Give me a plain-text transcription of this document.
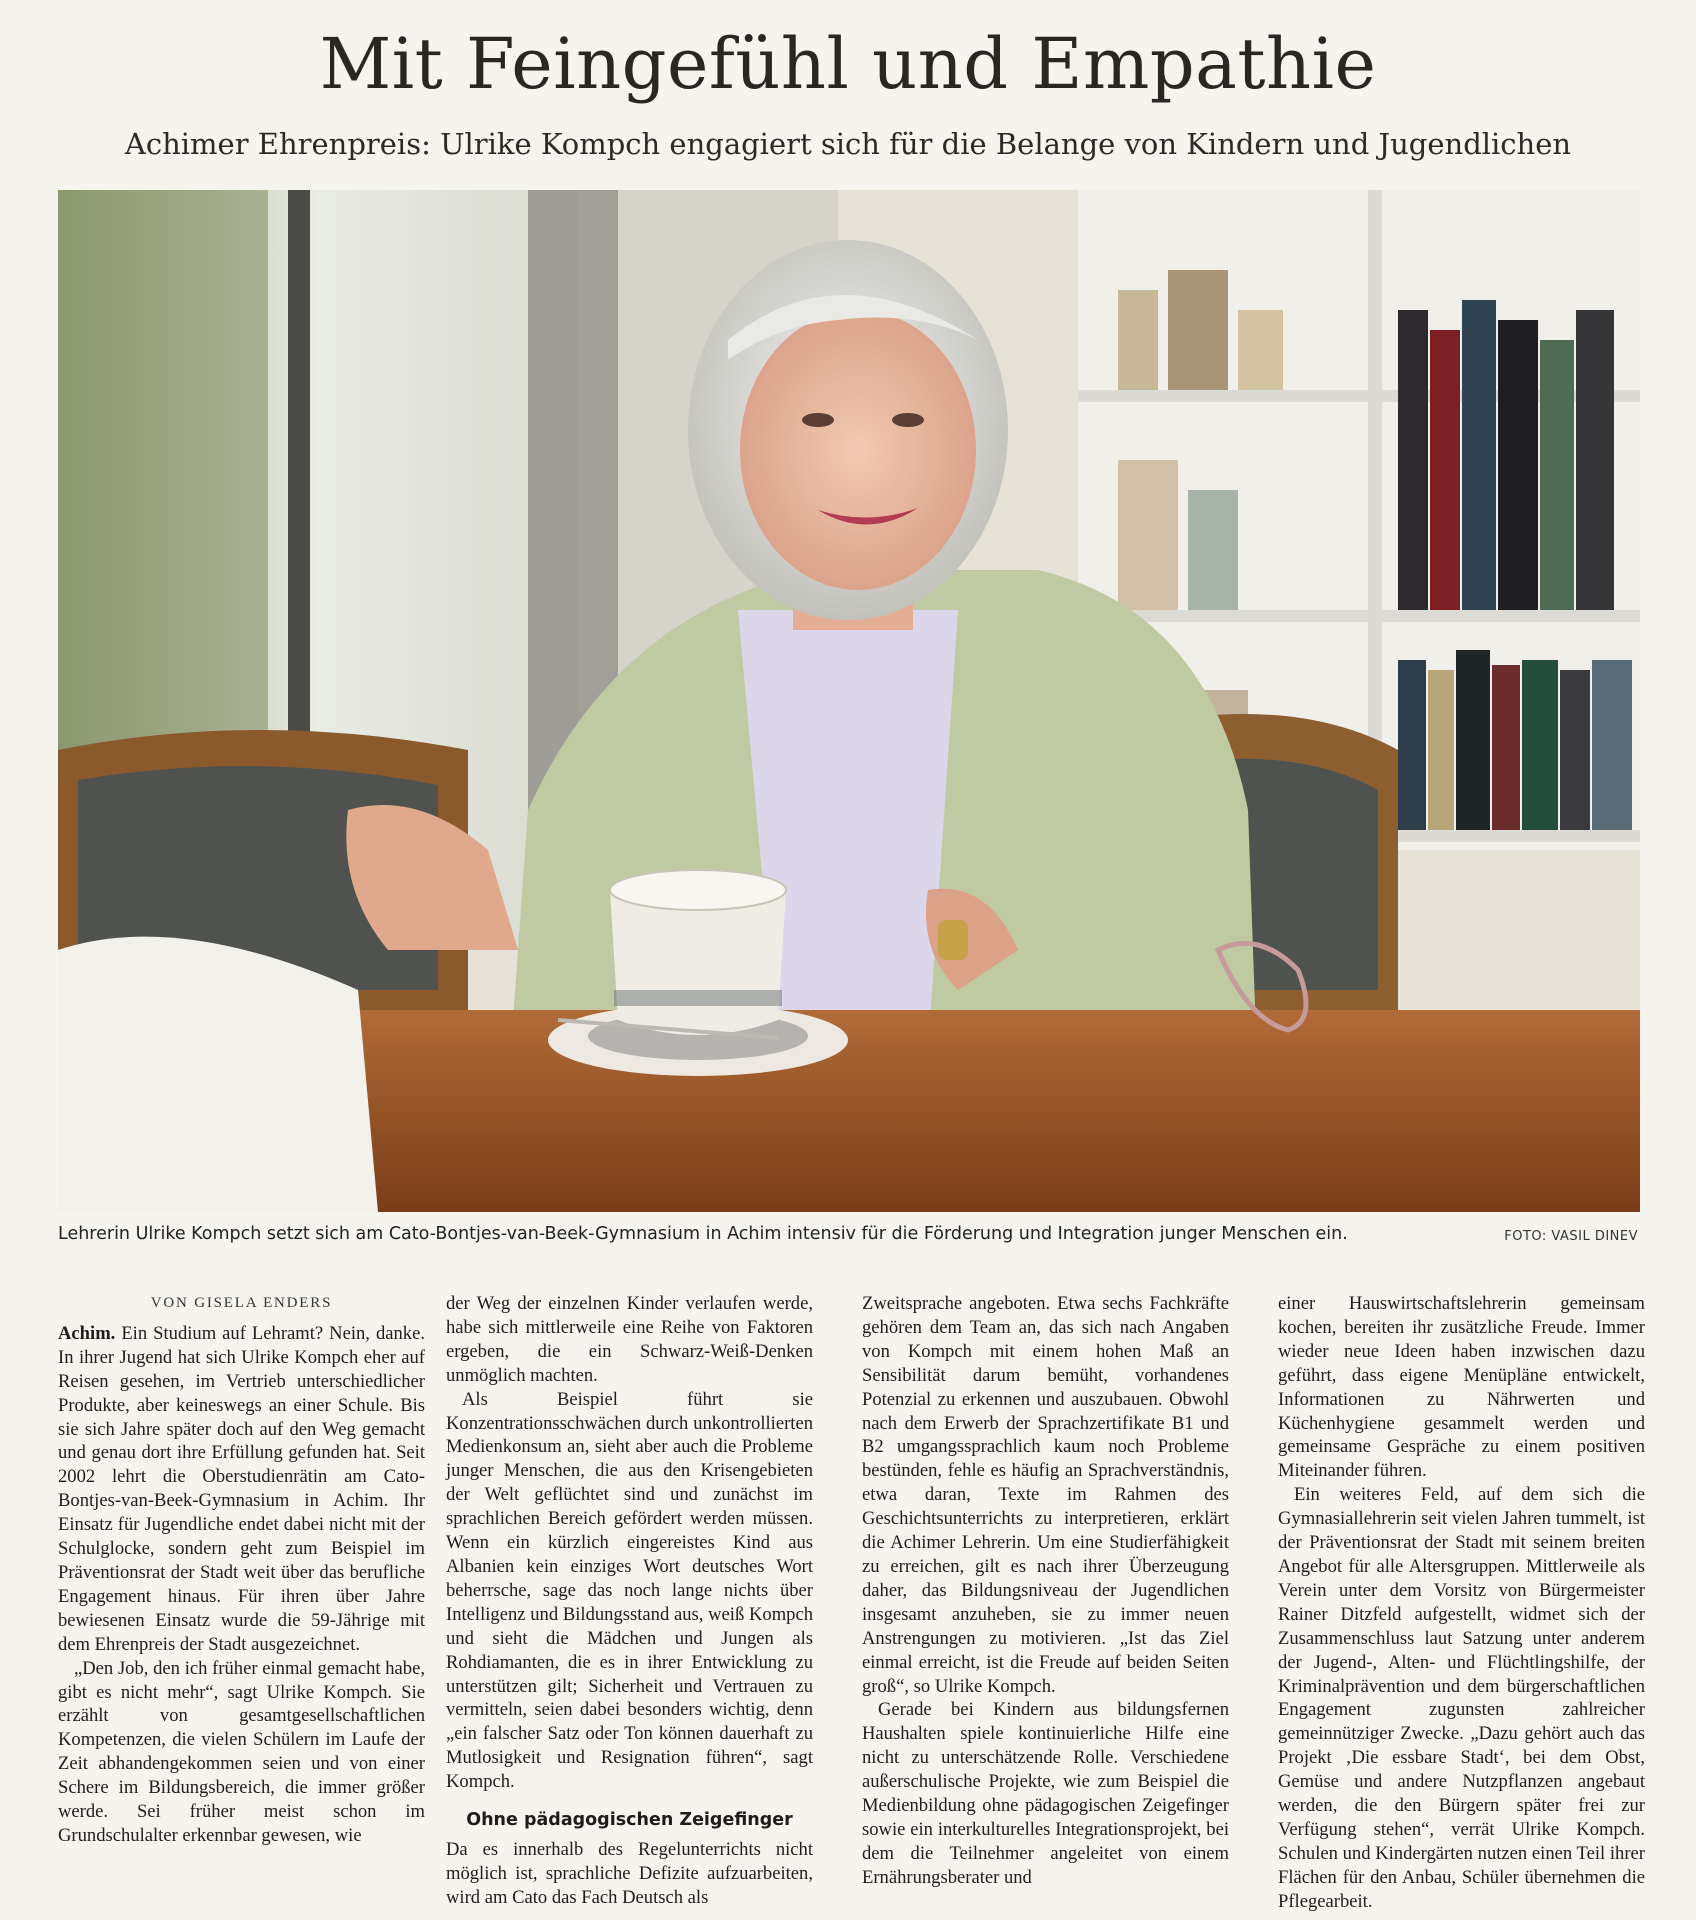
Mit Feingefühl und Empathie
Achimer Ehrenpreis: Ulrike Kompch engagiert sich für die Belange von Kindern und Jugendlichen
Lehrerin Ulrike Kompch setzt sich am Cato-Bontjes-van-Beek-Gymnasium in Achim intensiv für die Förderung und Integration junger Menschen ein.	FOTO: VASIL DINEV
VON GISELA ENDERS

Achim. Ein Studium auf Lehramt? Nein, danke. In ihrer Jugend hat sich Ulrike Kompch eher auf Reisen gesehen, im Vertrieb unterschiedlicher Produkte, aber keineswegs an einer Schule. Bis sie sich Jahre später doch auf den Weg gemacht und genau dort ihre Erfüllung gefunden hat. Seit 2002 lehrt die Oberstudienrätin am Cato-Bontjes-van-Beek-Gymnasium in Achim. Ihr Einsatz für Jugendliche endet dabei nicht mit der Schulglocke, sondern geht zum Beispiel im Präventionsrat der Stadt weit über das berufliche Engagement hinaus. Für ihren über Jahre bewiesenen Einsatz wurde die 59-Jährige mit dem Ehrenpreis der Stadt ausgezeichnet.

„Den Job, den ich früher einmal gemacht habe, gibt es nicht mehr“, sagt Ulrike Kompch. Sie erzählt von gesamtgesellschaftlichen Kompetenzen, die vielen Schülern im Laufe der Zeit abhandengekommen seien und von einer Schere im Bildungsbereich, die immer größer werde. Sei früher meist schon im Grundschulalter erkennbar gewesen, wie

der Weg der einzelnen Kinder verlaufen werde, habe sich mittlerweile eine Reihe von Faktoren ergeben, die ein Schwarz-Weiß-Denken unmöglich machten.

Als Beispiel führt sie Konzentrationsschwächen durch unkontrollierten Medienkonsum an, sieht aber auch die Probleme junger Menschen, die aus den Krisengebieten der Welt geflüchtet sind und zunächst im sprachlichen Bereich gefördert werden müssen. Wenn ein kürzlich eingereistes Kind aus Albanien kein einziges Wort deutsches Wort beherrsche, sage das noch lange nichts über Intelligenz und Bildungsstand aus, weiß Kompch und sieht die Mädchen und Jungen als Rohdiamanten, die es in ihrer Entwicklung zu unterstützen gilt; Sicherheit und Vertrauen zu vermitteln, seien dabei besonders wichtig, denn „ein falscher Satz oder Ton können dauerhaft zu Mutlosigkeit und Resignation führen“, sagt Kompch.

Ohne pädagogischen Zeigefinger

Da es innerhalb des Regelunterrichts nicht möglich ist, sprachliche Defizite aufzuarbeiten, wird am Cato das Fach Deutsch als

Zweitsprache angeboten. Etwa sechs Fachkräfte gehören dem Team an, das sich nach Angaben von Kompch mit einem hohen Maß an Sensibilität darum bemüht, vorhandenes Potenzial zu erkennen und auszubauen. Obwohl nach dem Erwerb der Sprachzertifikate B1 und B2 umgangssprachlich kaum noch Probleme bestünden, fehle es häufig an Sprachverständnis, etwa daran, Texte im Rahmen des Geschichtsunterrichts zu interpretieren, erklärt die Achimer Lehrerin. Um eine Studierfähigkeit zu erreichen, gilt es nach ihrer Überzeugung daher, das Bildungsniveau der Jugendlichen insgesamt anzuheben, sie zu immer neuen Anstrengungen zu motivieren. „Ist das Ziel einmal erreicht, ist die Freude auf beiden Seiten groß“, so Ulrike Kompch.

Gerade bei Kindern aus bildungsfernen Haushalten spiele kontinuierliche Hilfe eine nicht zu unterschätzende Rolle. Verschiedene außerschulische Projekte, wie zum Beispiel die Medienbildung ohne pädagogischen Zeigefinger sowie ein interkulturelles Integrationsprojekt, bei dem die Teilnehmer angeleitet von einem Ernährungsberater und

einer Hauswirtschaftslehrerin gemeinsam kochen, bereiten ihr zusätzliche Freude. Immer wieder neue Ideen haben inzwischen dazu geführt, dass eigene Menüpläne entwickelt, Informationen zu Nährwerten und Küchenhygiene gesammelt werden und gemeinsame Gespräche zu einem positiven Miteinander führen.

Ein weiteres Feld, auf dem sich die Gymnasiallehrerin seit vielen Jahren tummelt, ist der Präventionsrat der Stadt mit seinem breiten Angebot für alle Altersgruppen. Mittlerweile als Verein unter dem Vorsitz von Bürgermeister Rainer Ditzfeld aufgestellt, widmet sich der Zusammenschluss laut Satzung unter anderem der Jugend-, Alten- und Flüchtlingshilfe, der Kriminalprävention und dem bürgerschaftlichen Engagement zugunsten zahlreicher gemeinnütziger Zwecke. „Dazu gehört auch das Projekt ‚Die essbare Stadt‘, bei dem Obst, Gemüse und andere Nutzpflanzen angebaut werden, die den Bürgern später frei zur Verfügung stehen“, verrät Ulrike Kompch. Schulen und Kindergärten nutzen einen Teil ihrer Flächen für den Anbau, Schüler übernehmen die Pflegearbeit.
